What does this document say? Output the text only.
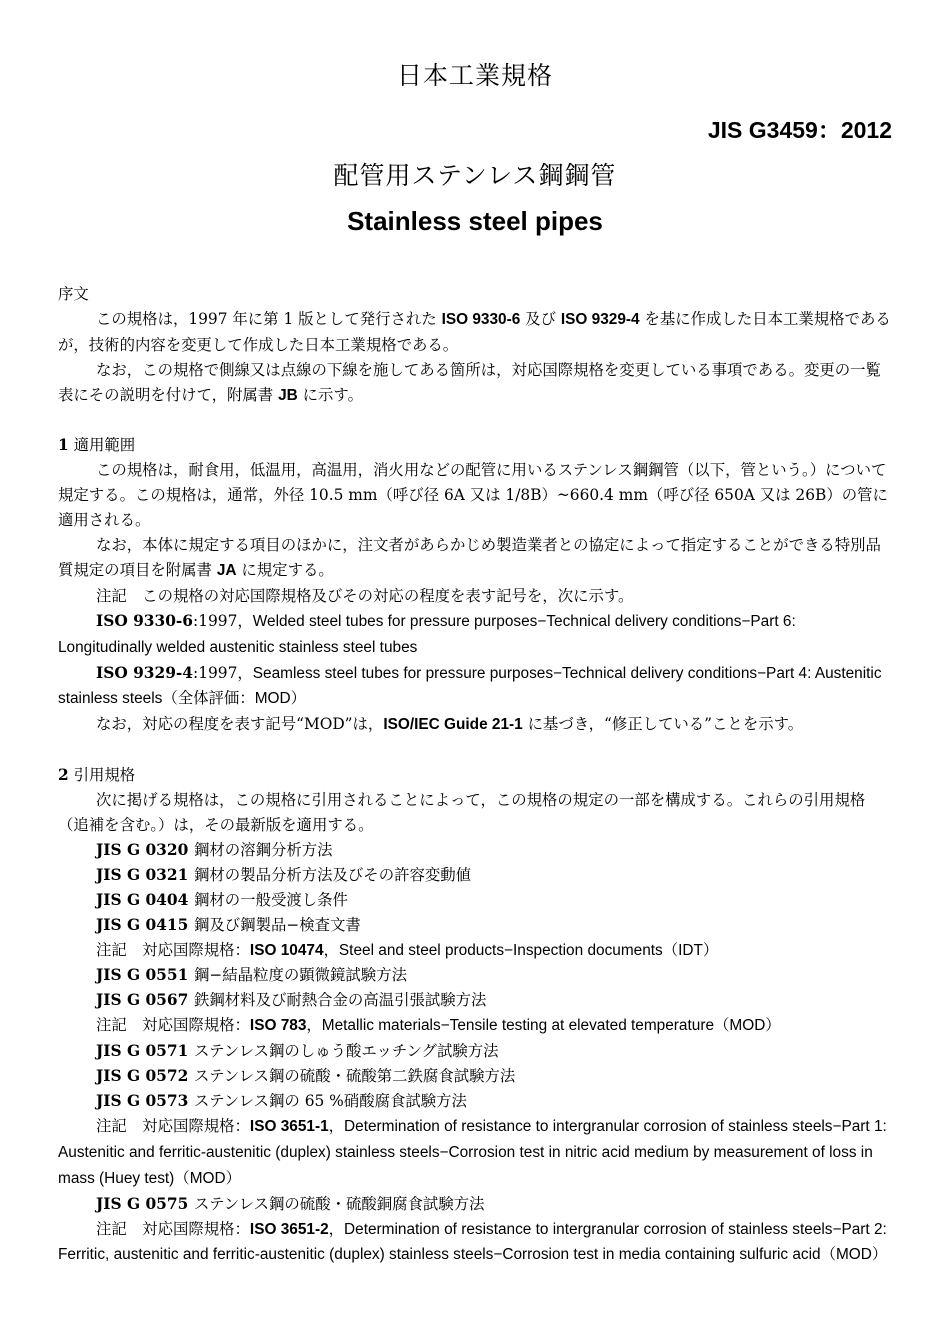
日本工業規格
JIS G3459：2012
配管用ステンレス鋼鋼管
Stainless steel pipes

序文

この規格は，1997 年に第 1 版として発行された ISO 9330-6 及び ISO 9329-4 を基に作成した日本工業規格であるが，技術的内容を変更して作成した日本工業規格である。

なお，この規格で側線又は点線の下線を施してある箇所は，対応国際規格を変更している事項である。変更の一覧表にその説明を付けて，附属書 JB に示す。

1 適用範囲

この規格は，耐食用，低温用，高温用，消火用などの配管に用いるステンレス鋼鋼管（以下，管という。）について規定する。この規格は，通常，外径 10.5 mm（呼び径 6A 又は 1/8B）~660.4 mm（呼び径 650A 又は 26B）の管に適用される。

なお，本体に規定する項目のほかに，注文者があらかじめ製造業者との協定によって指定することができる特別品質規定の項目を附属書 JA に規定する。

注記　この規格の対応国際規格及びその対応の程度を表す記号を，次に示す。

ISO 9330-6:1997，Welded steel tubes for pressure purposes−Technical delivery conditions−Part 6: Longitudinally welded austenitic stainless steel tubes

ISO 9329-4:1997，Seamless steel tubes for pressure purposes−Technical delivery conditions−Part 4: Austenitic stainless steels（全体評価：MOD）

なお，対応の程度を表す記号“MOD”は，ISO/IEC Guide 21-1 に基づき，“修正している”ことを示す。

2 引用規格

次に掲げる規格は，この規格に引用されることによって，この規格の規定の一部を構成する。これらの引用規格（追補を含む。）は，その最新版を適用する。

JIS G 0320 鋼材の溶鋼分析方法

JIS G 0321 鋼材の製品分析方法及びその許容変動値

JIS G 0404 鋼材の一般受渡し条件

JIS G 0415 鋼及び鋼製品−検査文書

注記　対応国際規格：ISO 10474，Steel and steel products−Inspection documents（IDT）

JIS G 0551 鋼−結晶粒度の顕微鏡試験方法

JIS G 0567 鉄鋼材料及び耐熱合金の高温引張試験方法

注記　対応国際規格：ISO 783，Metallic materials−Tensile testing at elevated temperature（MOD）

JIS G 0571 ステンレス鋼のしゅう酸エッチング試験方法

JIS G 0572 ステンレス鋼の硫酸・硫酸第二鉄腐食試験方法

JIS G 0573 ステンレス鋼の 65 %硝酸腐食試験方法

注記　対応国際規格：ISO 3651-1，Determination of resistance to intergranular corrosion of stainless steels−Part 1: Austenitic and ferritic-austenitic (duplex) stainless steels−Corrosion test in nitric acid medium by measurement of loss in mass (Huey test)（MOD）

JIS G 0575 ステンレス鋼の硫酸・硫酸銅腐食試験方法

注記　対応国際規格：ISO 3651-2，Determination of resistance to intergranular corrosion of stainless steels−Part 2: Ferritic, austenitic and ferritic-austenitic (duplex) stainless steels−Corrosion test in media containing sulfuric acid（MOD）
